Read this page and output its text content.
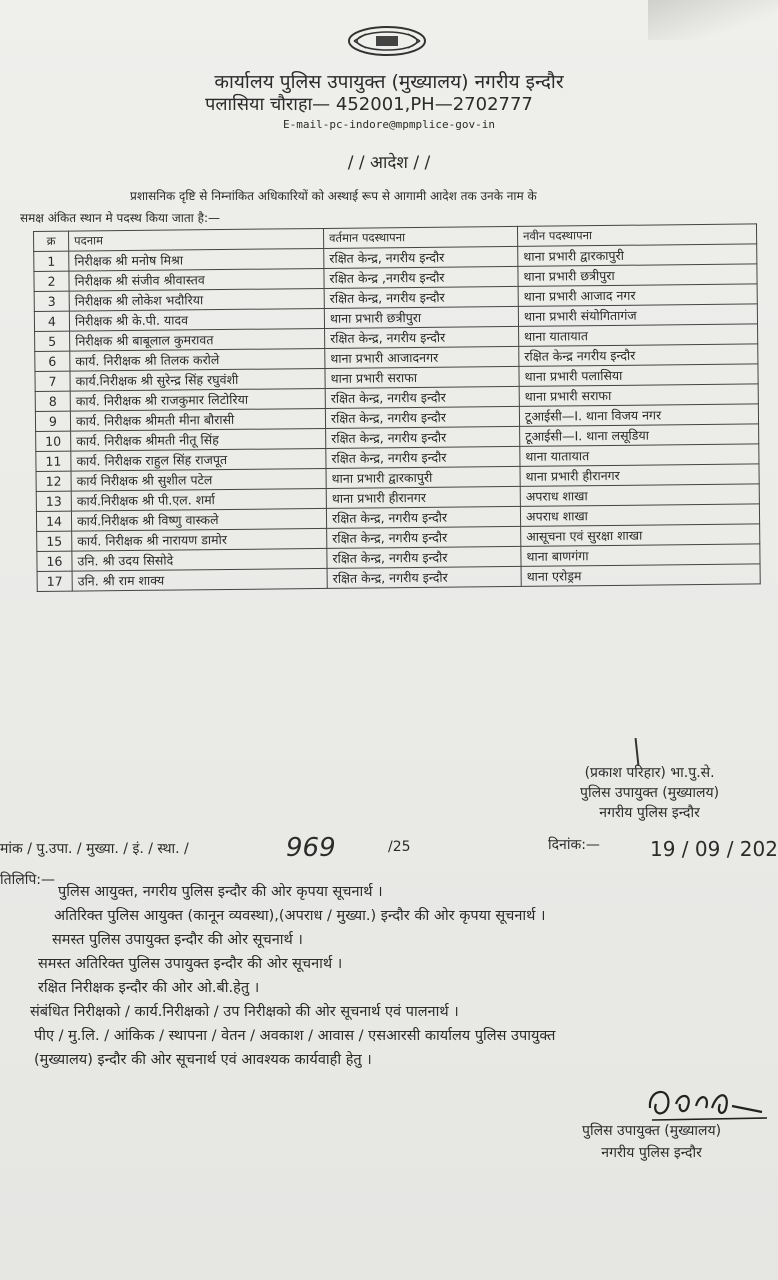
कार्यालय पुलिस उपायुक्त (मुख्यालय) नगरीय इन्दौर
पलासिया चौराहा— 452001,PH—2702777
E-mail-pc-indore@mpmplice-gov-in
/ / आदेश / /
प्रशासनिक दृष्टि से निम्नांकित अधिकारियों को अस्थाई रूप से आगामी आदेश तक उनके नाम के
समक्ष अंकित स्थान मे पदस्थ किया जाता है:—
क्र	पदनाम	वर्तमान पदस्थापना	नवीन पदस्थापना
1	निरीक्षक श्री मनोष मिश्रा	रक्षित केन्द्र, नगरीय इन्दौर	थाना प्रभारी द्वारकापुरी
2	निरीक्षक श्री संजीव श्रीवास्तव	रक्षित केन्द्र ,नगरीय इन्दौर	थाना प्रभारी छत्रीपुरा
3	निरीक्षक श्री लोकेश भदौरिया	रक्षित केन्द्र, नगरीय इन्दौर	थाना प्रभारी आजाद नगर
4	निरीक्षक श्री के.पी. यादव	थाना प्रभारी छत्रीपुरा	थाना प्रभारी संयोगितागंज
5	निरीक्षक श्री बाबूलाल कुमरावत	रक्षित केन्द्र, नगरीय इन्दौर	थाना यातायात
6	कार्य. निरीक्षक श्री तिलक करोले	थाना प्रभारी आजादनगर	रक्षित केन्द्र नगरीय इन्दौर
7	कार्य.निरीक्षक श्री सुरेन्द्र सिंह रघुवंशी	थाना प्रभारी सराफा	थाना प्रभारी पलासिया
8	कार्य. निरीक्षक श्री राजकुमार लिटोरिया	रक्षित केन्द्र, नगरीय इन्दौर	थाना प्रभारी सराफा
9	कार्य. निरीक्षक श्रीमती मीना बौरासी	रक्षित केन्द्र, नगरीय इन्दौर	टूआईसी—I. थाना विजय नगर
10	कार्य. निरीक्षक श्रीमती नीतू सिंह	रक्षित केन्द्र, नगरीय इन्दौर	टूआईसी—I. थाना लसूडिया
11	कार्य. निरीक्षक राहुल सिंह राजपूत	रक्षित केन्द्र, नगरीय इन्दौर	थाना यातायात
12	कार्य निरीक्षक श्री सुशील पटेल	थाना प्रभारी द्वारकापुरी	थाना प्रभारी हीरानगर
13	कार्य.निरीक्षक श्री पी.एल. शर्मा	थाना प्रभारी हीरानगर	अपराध शाखा
14	कार्य.निरीक्षक श्री विष्णु वास्कले	रक्षित केन्द्र, नगरीय इन्दौर	अपराध शाखा
15	कार्य. निरीक्षक श्री नारायण डामोर	रक्षित केन्द्र, नगरीय इन्दौर	आसूचना एवं सुरक्षा शाखा
16	उनि. श्री उदय सिसोदे	रक्षित केन्द्र, नगरीय इन्दौर	थाना बाणगंगा
17	उनि. श्री राम शाक्य	रक्षित केन्द्र, नगरीय इन्दौर	थाना एरोड्रम
(प्रकाश परिहार) भा.पु.से.
पुलिस उपायुक्त (मुख्यालय)
नगरीय पुलिस इन्दौर
मांक / पु.उपा. / मुख्या. / इं. / स्था. /	969	/25	दिनांक:—	19 / 09 / 202
तिलिपि:—
पुलिस आयुक्त, नगरीय पुलिस इन्दौर की ओर कृपया सूचनार्थ ।
अतिरिक्त पुलिस आयुक्त (कानून व्यवस्था),(अपराध / मुख्या.) इन्दौर की ओर कृपया सूचनार्थ ।
समस्त पुलिस उपायुक्त इन्दौर की ओर सूचनार्थ ।
समस्त अतिरिक्त पुलिस उपायुक्त इन्दौर की ओर सूचनार्थ ।
रक्षित निरीक्षक इन्दौर की ओर ओ.बी.हेतु ।
संबंधित निरीक्षको / कार्य.निरीक्षको / उप निरीक्षको की ओर सूचनार्थ एवं पालनार्थ ।
पीए / मु.लि. / आंकिक / स्थापना / वेतन / अवकाश / आवास / एसआरसी कार्यालय पुलिस उपायुक्त
(मुख्यालय) इन्दौर की ओर सूचनार्थ एवं आवश्यक कार्यवाही हेतु ।
पुलिस उपायुक्त (मुख्यालय)
नगरीय पुलिस इन्दौर
